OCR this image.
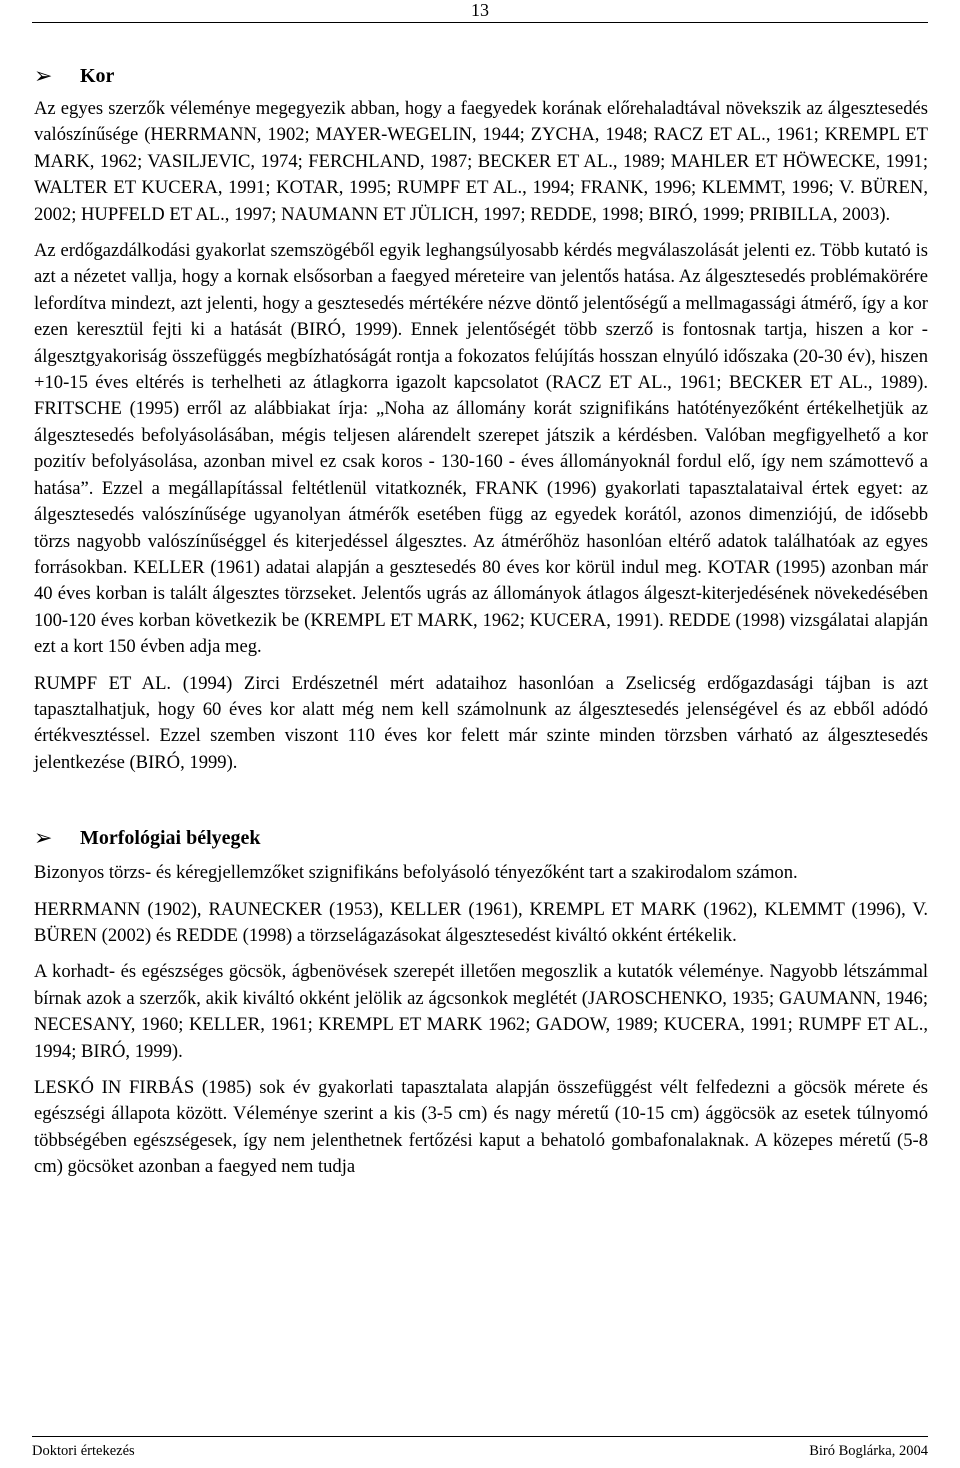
13
➢	Kor

Az egyes szerzők véleménye megegyezik abban, hogy a faegyedek korának előrehaladtával növekszik az álgesztesedés valószínűsége (HERRMANN, 1902; MAYER-WEGELIN, 1944; ZYCHA, 1948; RACZ ET AL., 1961; KREMPL ET MARK, 1962; VASILJEVIC, 1974; FERCHLAND, 1987; BECKER ET AL., 1989; MAHLER ET HÖWECKE, 1991; WALTER ET KUCERA, 1991; KOTAR, 1995; RUMPF ET AL., 1994; FRANK, 1996; KLEMMT, 1996; V. BÜREN, 2002; HUPFELD ET AL., 1997; NAUMANN ET JÜLICH, 1997; REDDE, 1998; BIRÓ, 1999; PRIBILLA, 2003).

Az erdőgazdálkodási gyakorlat szemszögéből egyik leghangsúlyosabb kérdés megválaszolását jelenti ez. Több kutató is azt a nézetet vallja, hogy a kornak elsősorban a faegyed méreteire van jelentős hatása. Az álgesztesedés problémakörére lefordítva mindezt, azt jelenti, hogy a gesztesedés mértékére nézve döntő jelentőségű a mellmagassági átmérő, így a kor ezen keresztül fejti ki a hatását (BIRÓ, 1999). Ennek jelentőségét több szerző is fontosnak tartja, hiszen a kor - álgesztgyakoriság összefüggés megbízhatóságát rontja a fokozatos felújítás hosszan elnyúló időszaka (20-30 év), hiszen +10-15 éves eltérés is terhelheti az átlagkorra igazolt kapcsolatot (RACZ ET AL., 1961; BECKER ET AL., 1989). FRITSCHE (1995) erről az alábbiakat írja: „Noha az állomány korát szignifikáns hatótényezőként értékelhetjük az álgesztesedés befolyásolásában, mégis teljesen alárendelt szerepet játszik a kérdésben. Valóban megfigyelhető a kor pozitív befolyásolása, azonban mivel ez csak koros - 130-160 - éves állományoknál fordul elő, így nem számottevő a hatása”. Ezzel a megállapítással feltétlenül vitatkoznék, FRANK (1996) gyakorlati tapasztalataival értek egyet: az álgesztesedés valószínűsége ugyanolyan átmérők esetében függ az egyedek korától, azonos dimenziójú, de idősebb törzs nagyobb valószínűséggel és kiterjedéssel álgesztes. Az átmérőhöz hasonlóan eltérő adatok találhatóak az egyes forrásokban. KELLER (1961) adatai alapján a gesztesedés 80 éves kor körül indul meg. KOTAR (1995) azonban már 40 éves korban is talált álgesztes törzseket. Jelentős ugrás az állományok átlagos álgeszt-kiterjedésének növekedésében 100-120 éves korban következik be (KREMPL ET MARK, 1962; KUCERA, 1991). REDDE (1998) vizsgálatai alapján ezt a kort 150 évben adja meg.

RUMPF ET AL. (1994) Zirci Erdészetnél mért adataihoz hasonlóan a Zselicség erdőgazdasági tájban is azt tapasztalhatjuk, hogy 60 éves kor alatt még nem kell számolnunk az álgesztesedés jelenségével és az ebből adódó értékvesztéssel. Ezzel szemben viszont 110 éves kor felett már szinte minden törzsben várható az álgesztesedés jelentkezése (BIRÓ, 1999).

➢	Morfológiai bélyegek

Bizonyos törzs- és kéregjellemzőket szignifikáns befolyásoló tényezőként tart a szakirodalom számon.

HERRMANN (1902), RAUNECKER (1953), KELLER (1961), KREMPL ET MARK (1962), KLEMMT (1996), V. BÜREN (2002) és REDDE (1998) a törzselágazásokat álgesztesedést kiváltó okként értékelik.

A korhadt- és egészséges göcsök, ágbenövések szerepét illetően megoszlik a kutatók véleménye. Nagyobb létszámmal bírnak azok a szerzők, akik kiváltó okként jelölik az ágcsonkok meglétét (JAROSCHENKO, 1935; GAUMANN, 1946; NECESANY, 1960; KELLER, 1961; KREMPL ET MARK 1962; GADOW, 1989; KUCERA, 1991; RUMPF ET AL., 1994; BIRÓ, 1999).

LESKÓ IN FIRBÁS (1985) sok év gyakorlati tapasztalata alapján összefüggést vélt felfedezni a göcsök mérete és egészségi állapota között. Véleménye szerint a kis (3-5 cm) és nagy méretű (10-15 cm) ággöcsök az esetek túlnyomó többségében egészségesek, így nem jelenthetnek fertőzési kaput a behatoló gombafonalaknak. A közepes méretű (5-8 cm) göcsöket azonban a faegyed nem tudja

Doktori értekezés	Biró Boglárka, 2004
